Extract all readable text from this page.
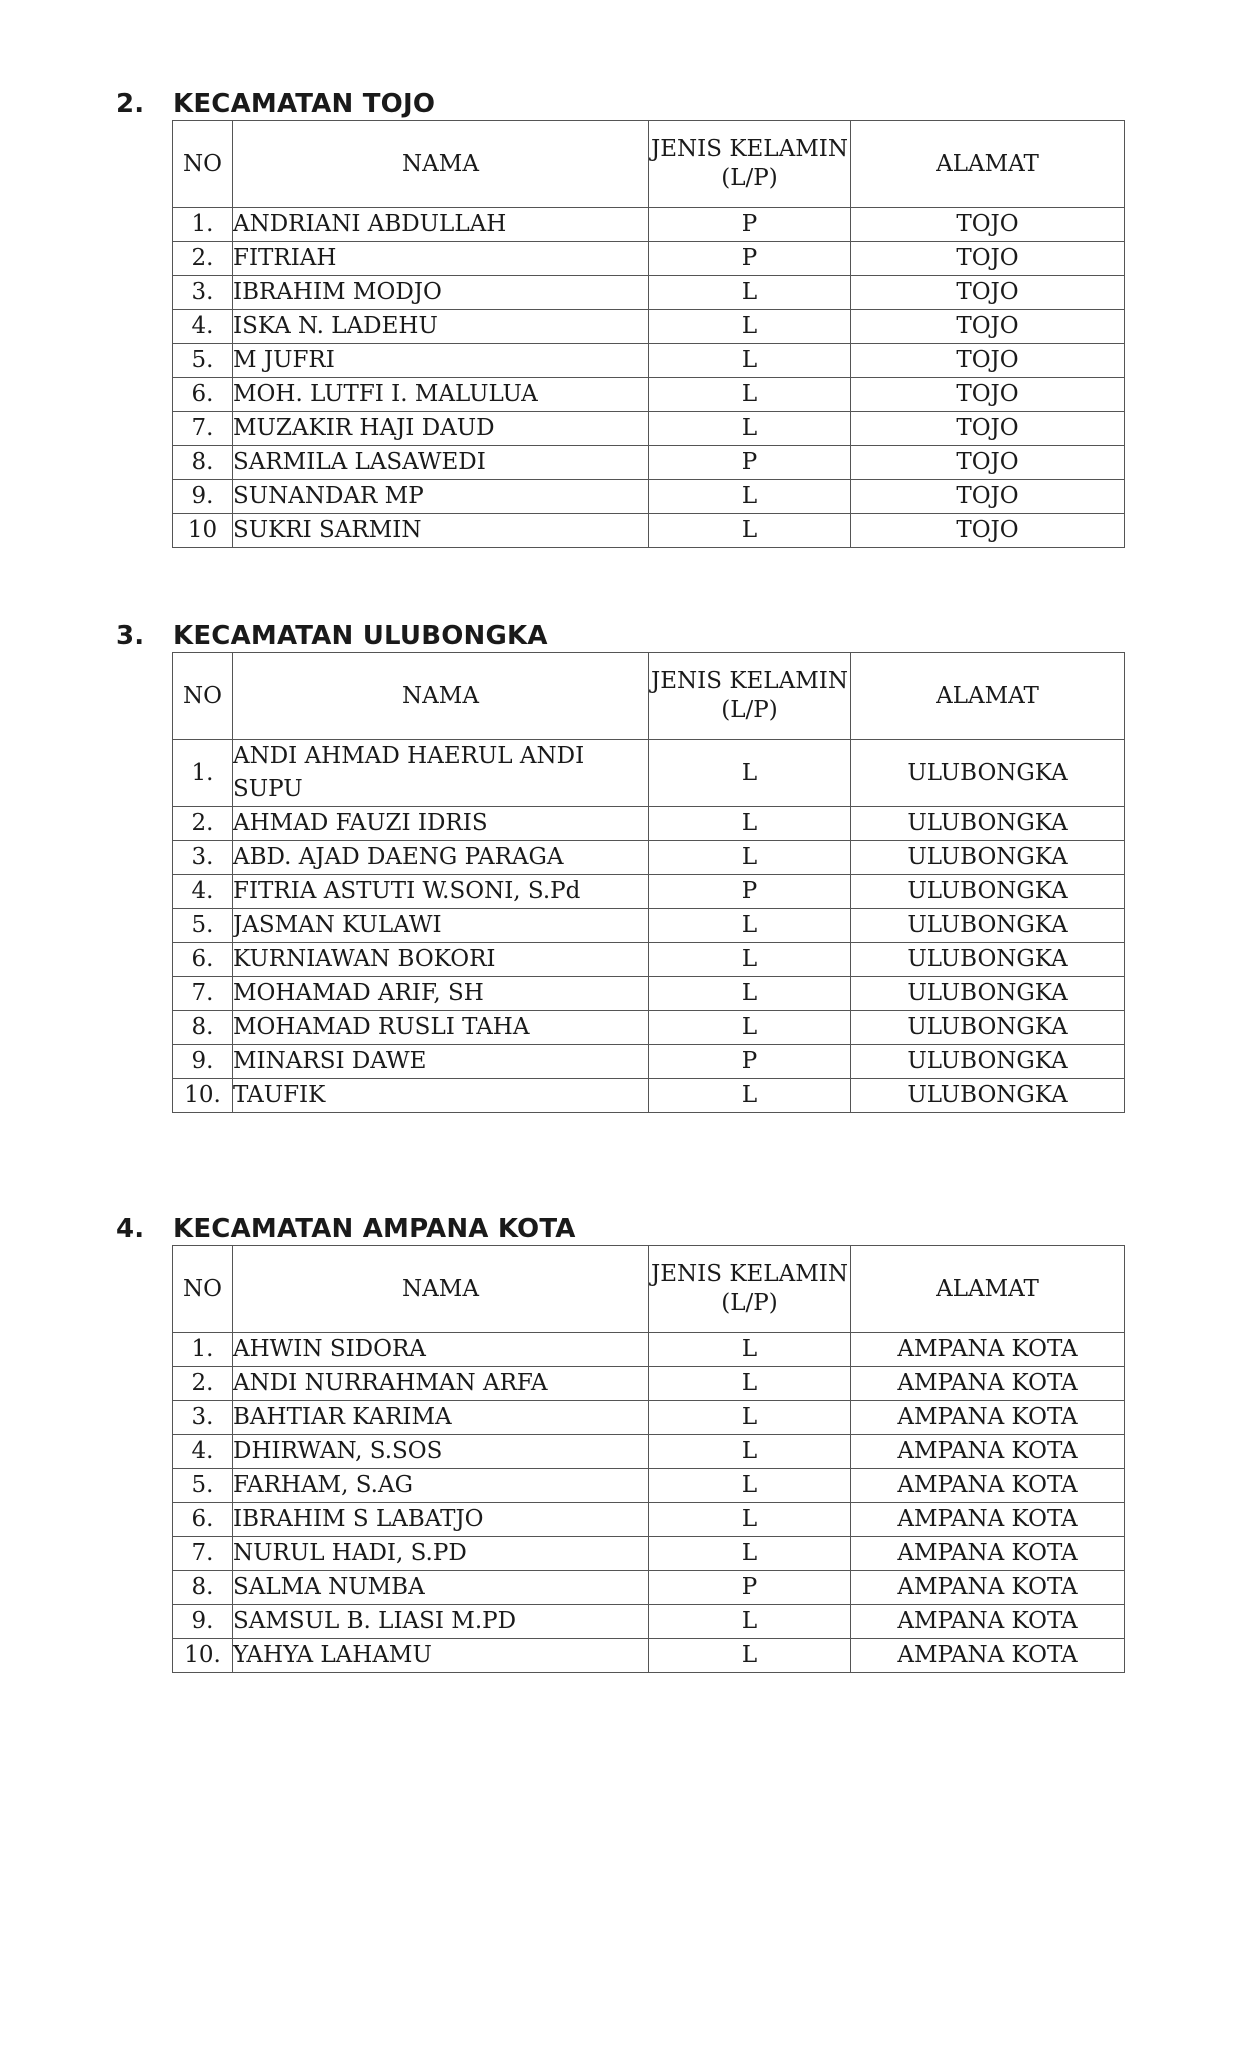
2. KECAMATAN TOJO
NO	NAMA	JENIS KELAMIN (L/P)	ALAMAT
1.	ANDRIANI ABDULLAH	P	TOJO
2.	FITRIAH	P	TOJO
3.	IBRAHIM MODJO	L	TOJO
4.	ISKA N. LADEHU	L	TOJO
5.	M JUFRI	L	TOJO
6.	MOH. LUTFI I. MALULUA	L	TOJO
7.	MUZAKIR HAJI DAUD	L	TOJO
8.	SARMILA LASAWEDI	P	TOJO
9.	SUNANDAR MP	L	TOJO
10	SUKRI SARMIN	L	TOJO
3. KECAMATAN ULUBONGKA
NO	NAMA	JENIS KELAMIN (L/P)	ALAMAT
1.	ANDI AHMAD HAERUL ANDI SUPU	L	ULUBONGKA
2.	AHMAD FAUZI IDRIS	L	ULUBONGKA
3.	ABD. AJAD DAENG PARAGA	L	ULUBONGKA
4.	FITRIA ASTUTI W.SONI, S.Pd	P	ULUBONGKA
5.	JASMAN KULAWI	L	ULUBONGKA
6.	KURNIAWAN BOKORI	L	ULUBONGKA
7.	MOHAMAD ARIF, SH	L	ULUBONGKA
8.	MOHAMAD RUSLI TAHA	L	ULUBONGKA
9.	MINARSI DAWE	P	ULUBONGKA
10.	TAUFIK	L	ULUBONGKA
4. KECAMATAN AMPANA KOTA
NO	NAMA	JENIS KELAMIN (L/P)	ALAMAT
1.	AHWIN SIDORA	L	AMPANA KOTA
2.	ANDI NURRAHMAN ARFA	L	AMPANA KOTA
3.	BAHTIAR KARIMA	L	AMPANA KOTA
4.	DHIRWAN, S.SOS	L	AMPANA KOTA
5.	FARHAM, S.AG	L	AMPANA KOTA
6.	IBRAHIM S LABATJO	L	AMPANA KOTA
7.	NURUL HADI, S.PD	L	AMPANA KOTA
8.	SALMA NUMBA	P	AMPANA KOTA
9.	SAMSUL B. LIASI M.PD	L	AMPANA KOTA
10.	YAHYA LAHAMU	L	AMPANA KOTA
